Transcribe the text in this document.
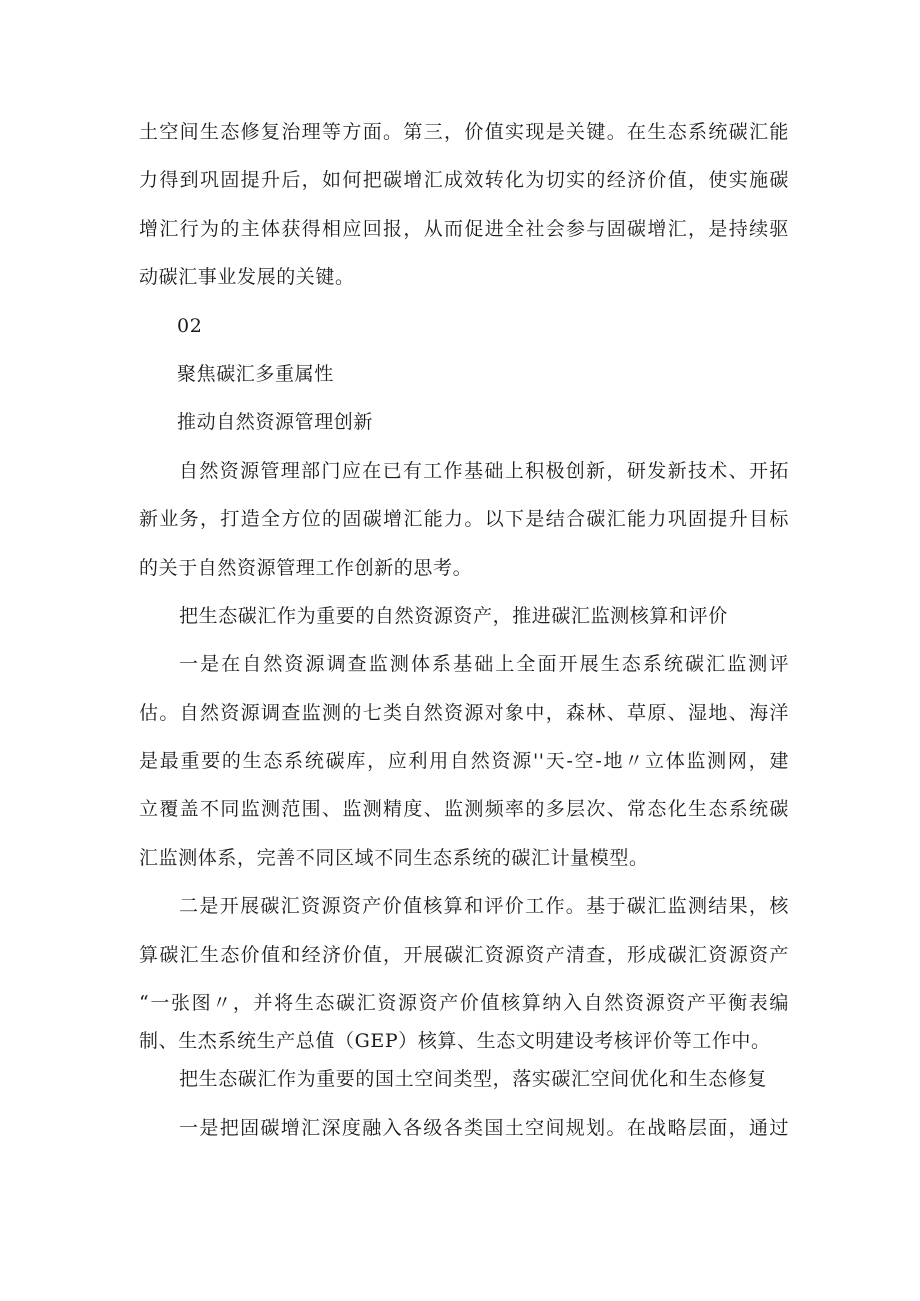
土空间生态修复治理等方面。第三，价值实现是关键。在生态系统碳汇能
力得到巩固提升后，如何把碳增汇成效转化为切实的经济价值，使实施碳
增汇行为的主体获得相应回报，从而促进全社会参与固碳增汇，是持续驱
动碳汇事业发展的关键。
02
聚焦碳汇多重属性
推动自然资源管理创新
自然资源管理部门应在已有工作基础上积极创新，研发新技术、开拓
新业务，打造全方位的固碳增汇能力。以下是结合碳汇能力巩固提升目标
的关于自然资源管理工作创新的思考。
把生态碳汇作为重要的自然资源资产，推进碳汇监测核算和评价
一是在自然资源调查监测体系基础上全面开展生态系统碳汇监测评
估。自然资源调查监测的七类自然资源对象中，森林、草原、湿地、海洋
是最重要的生态系统碳库，应利用自然资源''天-空-地〃立体监测网，建
立覆盖不同监测范围、监测精度、监测频率的多层次、常态化生态系统碳
汇监测体系，完善不同区域不同生态系统的碳汇计量模型。
二是开展碳汇资源资产价值核算和评价工作。基于碳汇监测结果，核
算碳汇生态价值和经济价值，开展碳汇资源资产清查，形成碳汇资源资产
“一张图〃，并将生态碳汇资源资产价值核算纳入自然资源资产平衡表编
制、生杰系统生产总值（GEP）核算、生态文明建设考核评价等工作中。
把生态碳汇作为重要的国土空间类型，落实碳汇空间优化和生态修复
一是把固碳增汇深度融入各级各类国土空间规划。在战略层面，通过
